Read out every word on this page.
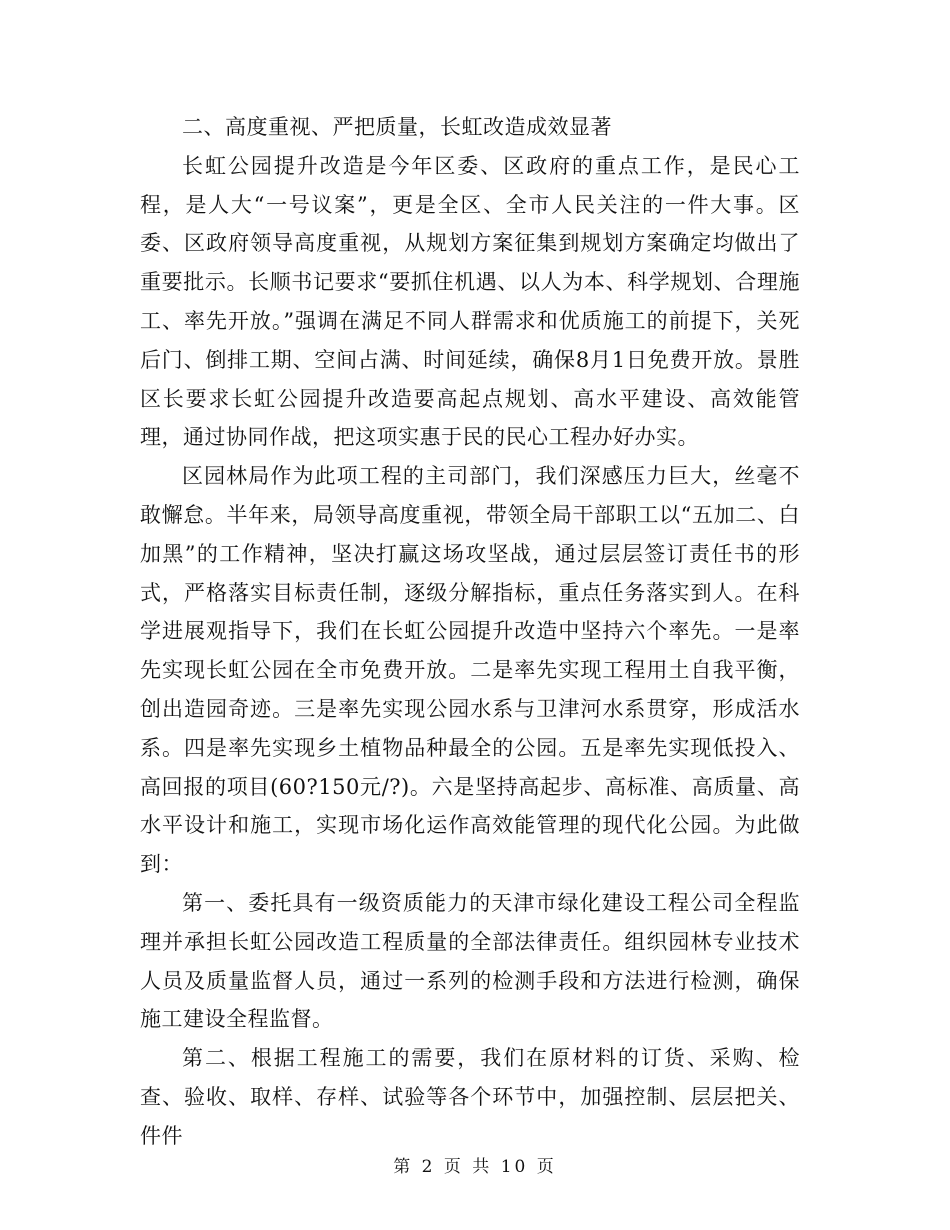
二、高度重视、严把质量，长虹改造成效显著

长虹公园提升改造是今年区委、区政府的重点工作，是民心工程，是人大“一号议案”，更是全区、全市人民关注的一件大事。区委、区政府领导高度重视，从规划方案征集到规划方案确定均做出了重要批示。长顺书记要求“要抓住机遇、以人为本、科学规划、合理施工、率先开放。”强调在满足不同人群需求和优质施工的前提下，关死后门、倒排工期、空间占满、时间延续，确保8月1日免费开放。景胜区长要求长虹公园提升改造要高起点规划、高水平建设、高效能管理，通过协同作战，把这项实惠于民的民心工程办好办实。

区园林局作为此项工程的主司部门，我们深感压力巨大，丝毫不敢懈怠。半年来，局领导高度重视，带领全局干部职工以“五加二、白加黑”的工作精神，坚决打赢这场攻坚战，通过层层签订责任书的形式，严格落实目标责任制，逐级分解指标，重点任务落实到人。在科学进展观指导下，我们在长虹公园提升改造中坚持六个率先。一是率先实现长虹公园在全市免费开放。二是率先实现工程用土自我平衡，创出造园奇迹。三是率先实现公园水系与卫津河水系贯穿，形成活水系。四是率先实现乡土植物品种最全的公园。五是率先实现低投入、高回报的项目(60?150元/?)。六是坚持高起步、高标准、高质量、高水平设计和施工，实现市场化运作高效能管理的现代化公园。为此做到：

第一、委托具有一级资质能力的天津市绿化建设工程公司全程监理并承担长虹公园改造工程质量的全部法律责任。组织园林专业技术人员及质量监督人员，通过一系列的检测手段和方法进行检测，确保施工建设全程监督。

第二、根据工程施工的需要，我们在原材料的订货、采购、检查、验收、取样、存样、试验等各个环节中，加强控制、层层把关、件件

第 2 页 共 10 页
